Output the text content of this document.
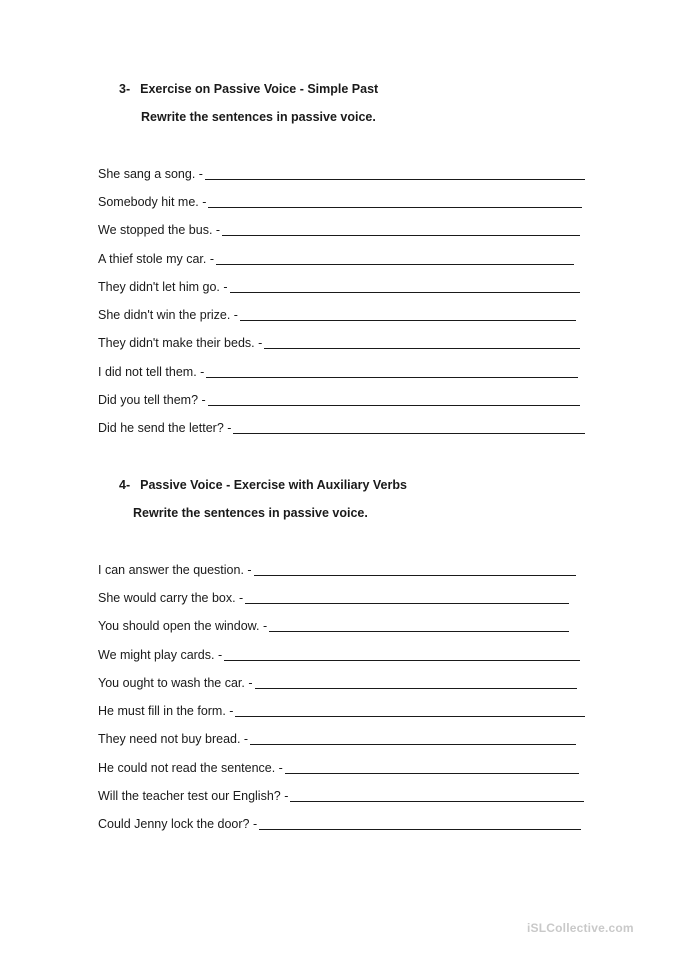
3- Exercise on Passive Voice - Simple Past
Rewrite the sentences in passive voice.
She sang a song. -
Somebody hit me. -
We stopped the bus. -
A thief stole my car. -
They didn't let him go. -
She didn't win the prize. -
They didn't make their beds. -
I did not tell them. -
Did you tell them? -
Did he send the letter? -
4- Passive Voice - Exercise with Auxiliary Verbs
Rewrite the sentences in passive voice.
I can answer the question. -
She would carry the box. -
You should open the window. -
We might play cards. -
You ought to wash the car. -
He must fill in the form. -
They need not buy bread. -
He could not read the sentence. -
Will the teacher test our English? -
Could Jenny lock the door? -
iSLCollective.com
